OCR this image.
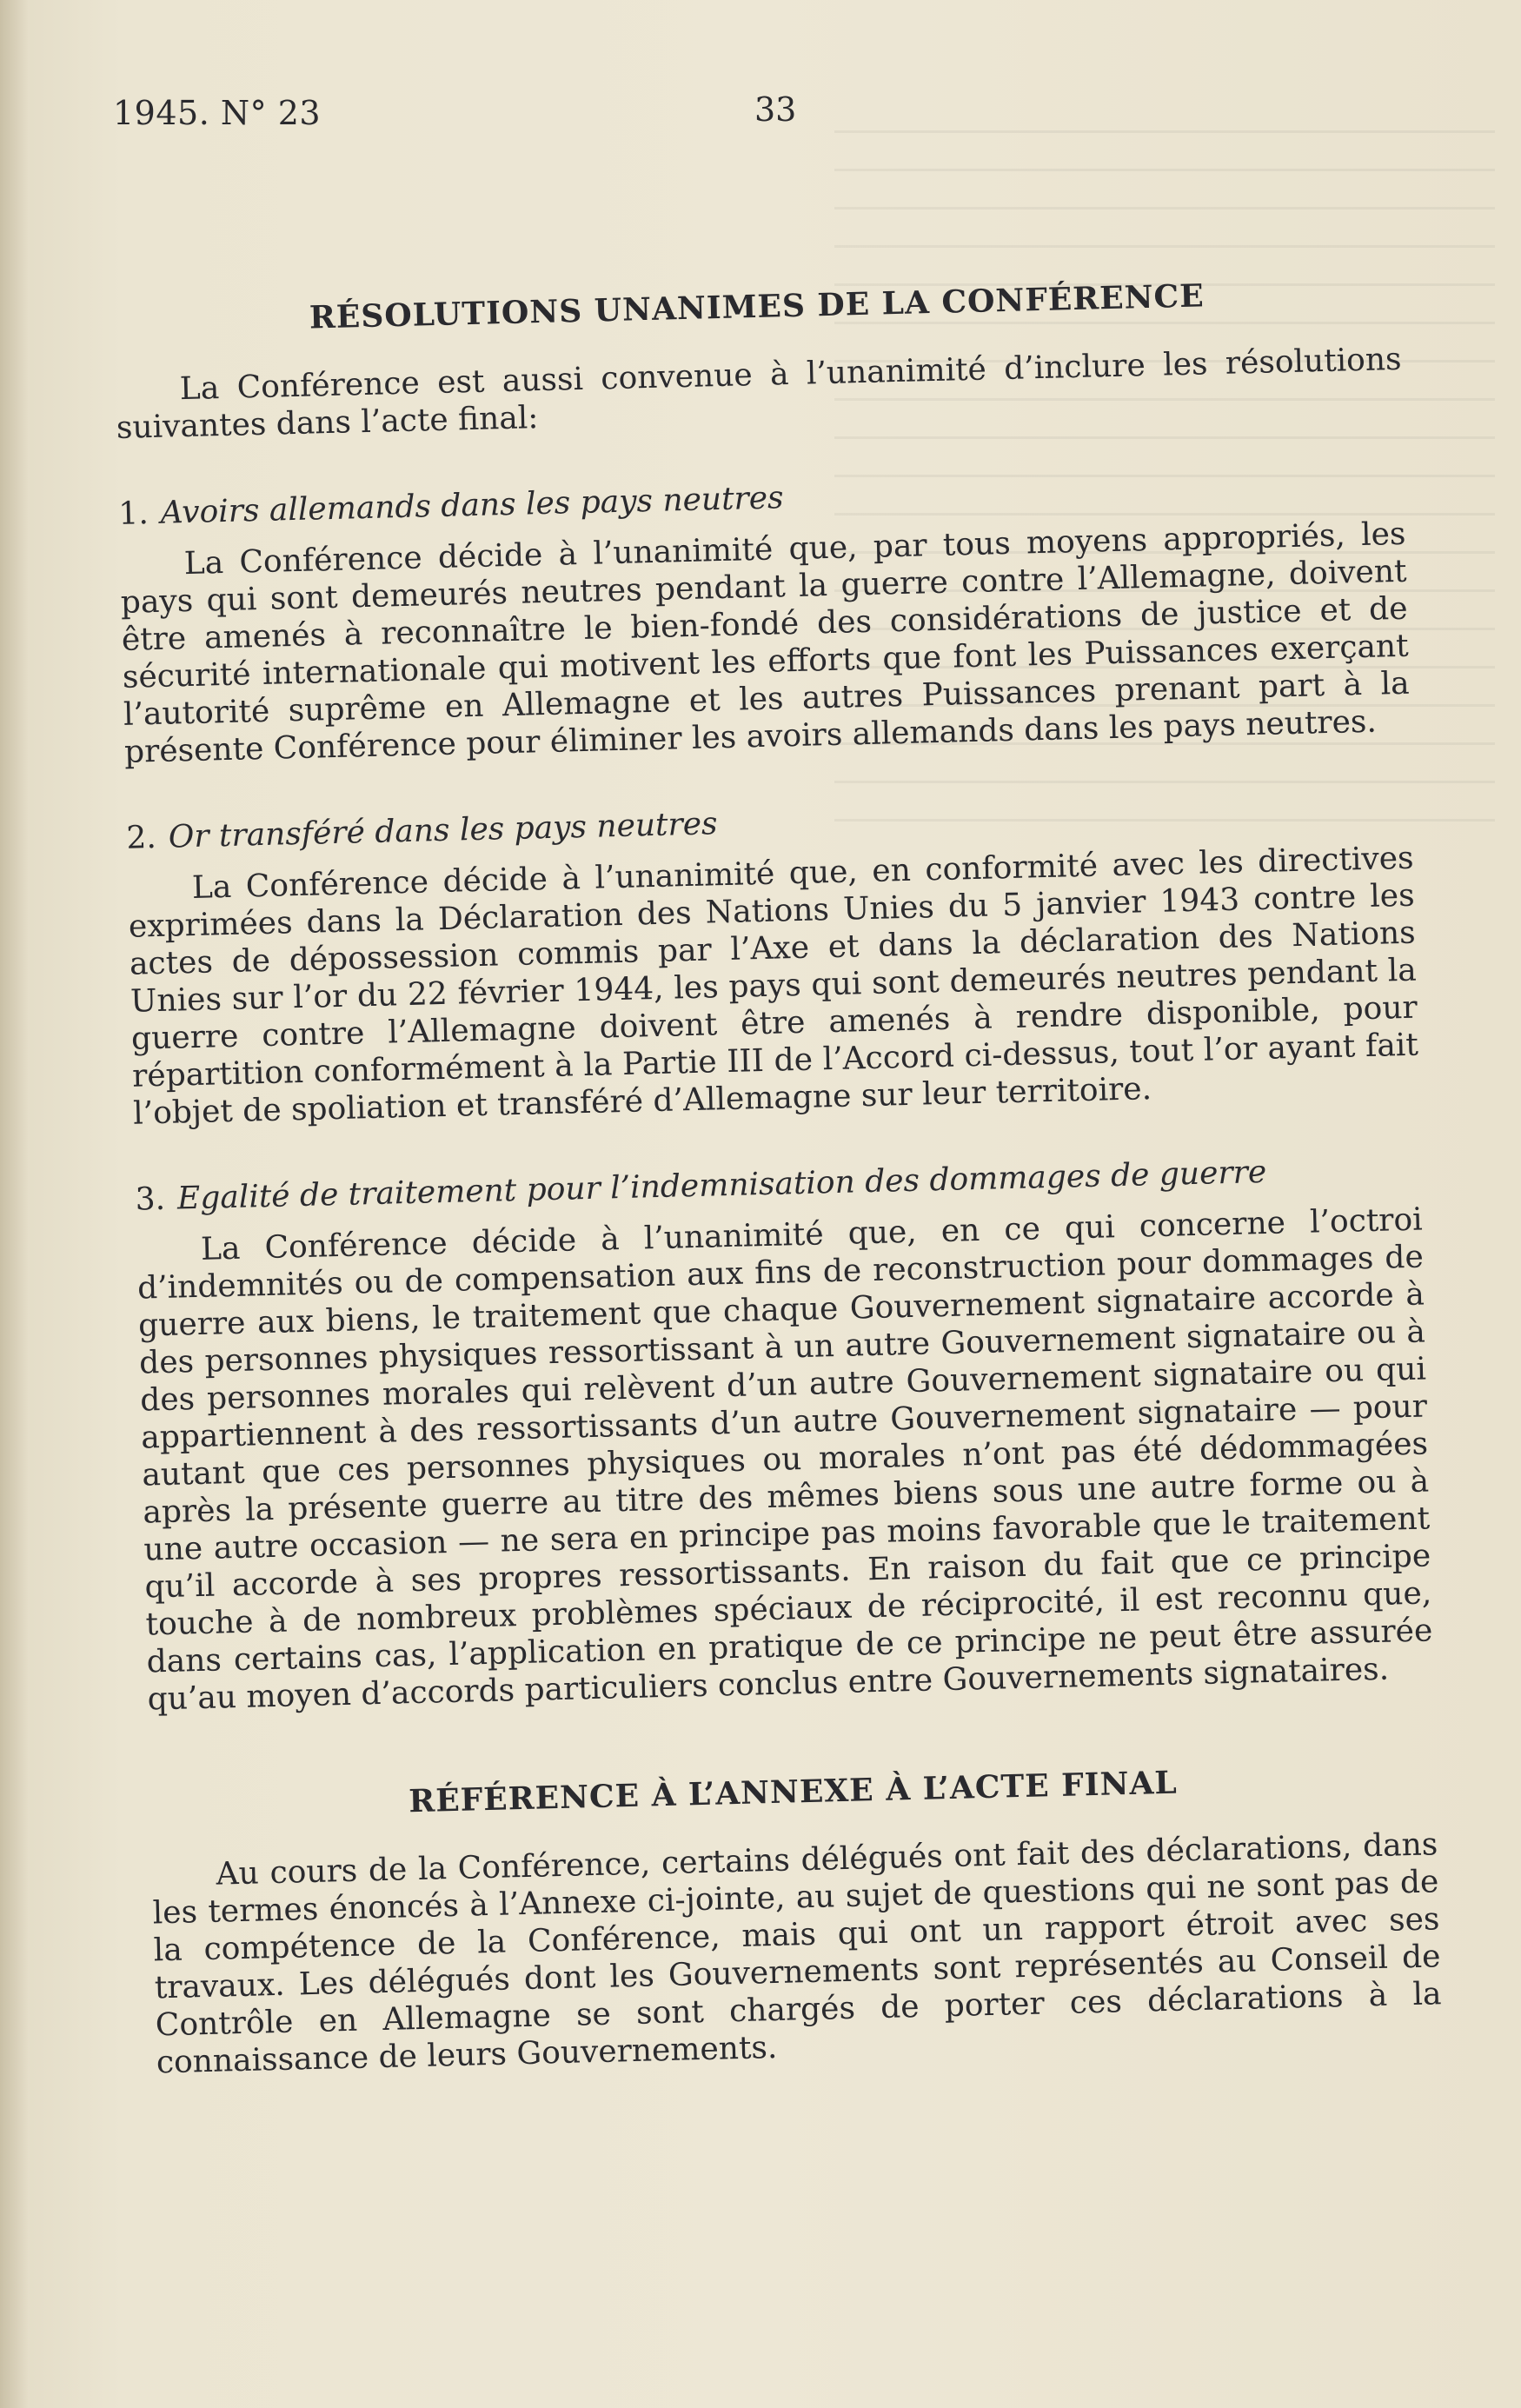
1945. N° 23	33
RÉSOLUTIONS UNANIMES DE LA CONFÉRENCE

La Conférence est aussi convenue à l’unanimité d’inclure les résolutions suivantes dans l’acte final:

1. Avoirs allemands dans les pays neutres

La Conférence décide à l’unanimité que, par tous moyens appropriés, les pays qui sont demeurés neutres pendant la guerre contre l’Allemagne, doivent être amenés à reconnaître le bien-fondé des considérations de justice et de sécurité internationale qui motivent les efforts que font les Puissances exerçant l’autorité suprême en Allemagne et les autres Puissances prenant part à la présente Conférence pour éliminer les avoirs allemands dans les pays neutres.

2. Or transféré dans les pays neutres

La Conférence décide à l’unanimité que, en conformité avec les directives exprimées dans la Déclaration des Nations Unies du 5 janvier 1943 contre les actes de dépossession commis par l’Axe et dans la déclaration des Nations Unies sur l’or du 22 février 1944, les pays qui sont demeurés neutres pendant la guerre contre l’Allemagne doivent être amenés à rendre disponible, pour répartition conformément à la Partie III de l’Accord ci-dessus, tout l’or ayant fait l’objet de spoliation et transféré d’Allemagne sur leur territoire.

3. Egalité de traitement pour l’indemnisation des dommages de guerre

La Conférence décide à l’unanimité que, en ce qui concerne l’octroi d’indemnités ou de compensation aux fins de reconstruction pour dommages de guerre aux biens, le traitement que chaque Gouvernement signataire accorde à des personnes physiques ressortissant à un autre Gouvernement signataire ou à des personnes morales qui relèvent d’un autre Gouvernement signataire ou qui appartiennent à des ressortissants d’un autre Gouvernement signataire — pour autant que ces personnes physiques ou morales n’ont pas été dédommagées après la présente guerre au titre des mêmes biens sous une autre forme ou à une autre occasion — ne sera en principe pas moins favorable que le traitement qu’il accorde à ses propres ressortissants. En raison du fait que ce principe touche à de nombreux problèmes spéciaux de réciprocité, il est reconnu que, dans certains cas, l’application en pratique de ce principe ne peut être assurée qu’au moyen d’accords particuliers conclus entre Gouvernements signataires.

RÉFÉRENCE À L’ANNEXE À L’ACTE FINAL

Au cours de la Conférence, certains délégués ont fait des déclarations, dans les termes énoncés à l’Annexe ci-jointe, au sujet de questions qui ne sont pas de la compétence de la Conférence, mais qui ont un rapport étroit avec ses travaux. Les délégués dont les Gouvernements sont représentés au Conseil de Contrôle en Allemagne se sont chargés de porter ces déclarations à la connaissance de leurs Gouvernements.
